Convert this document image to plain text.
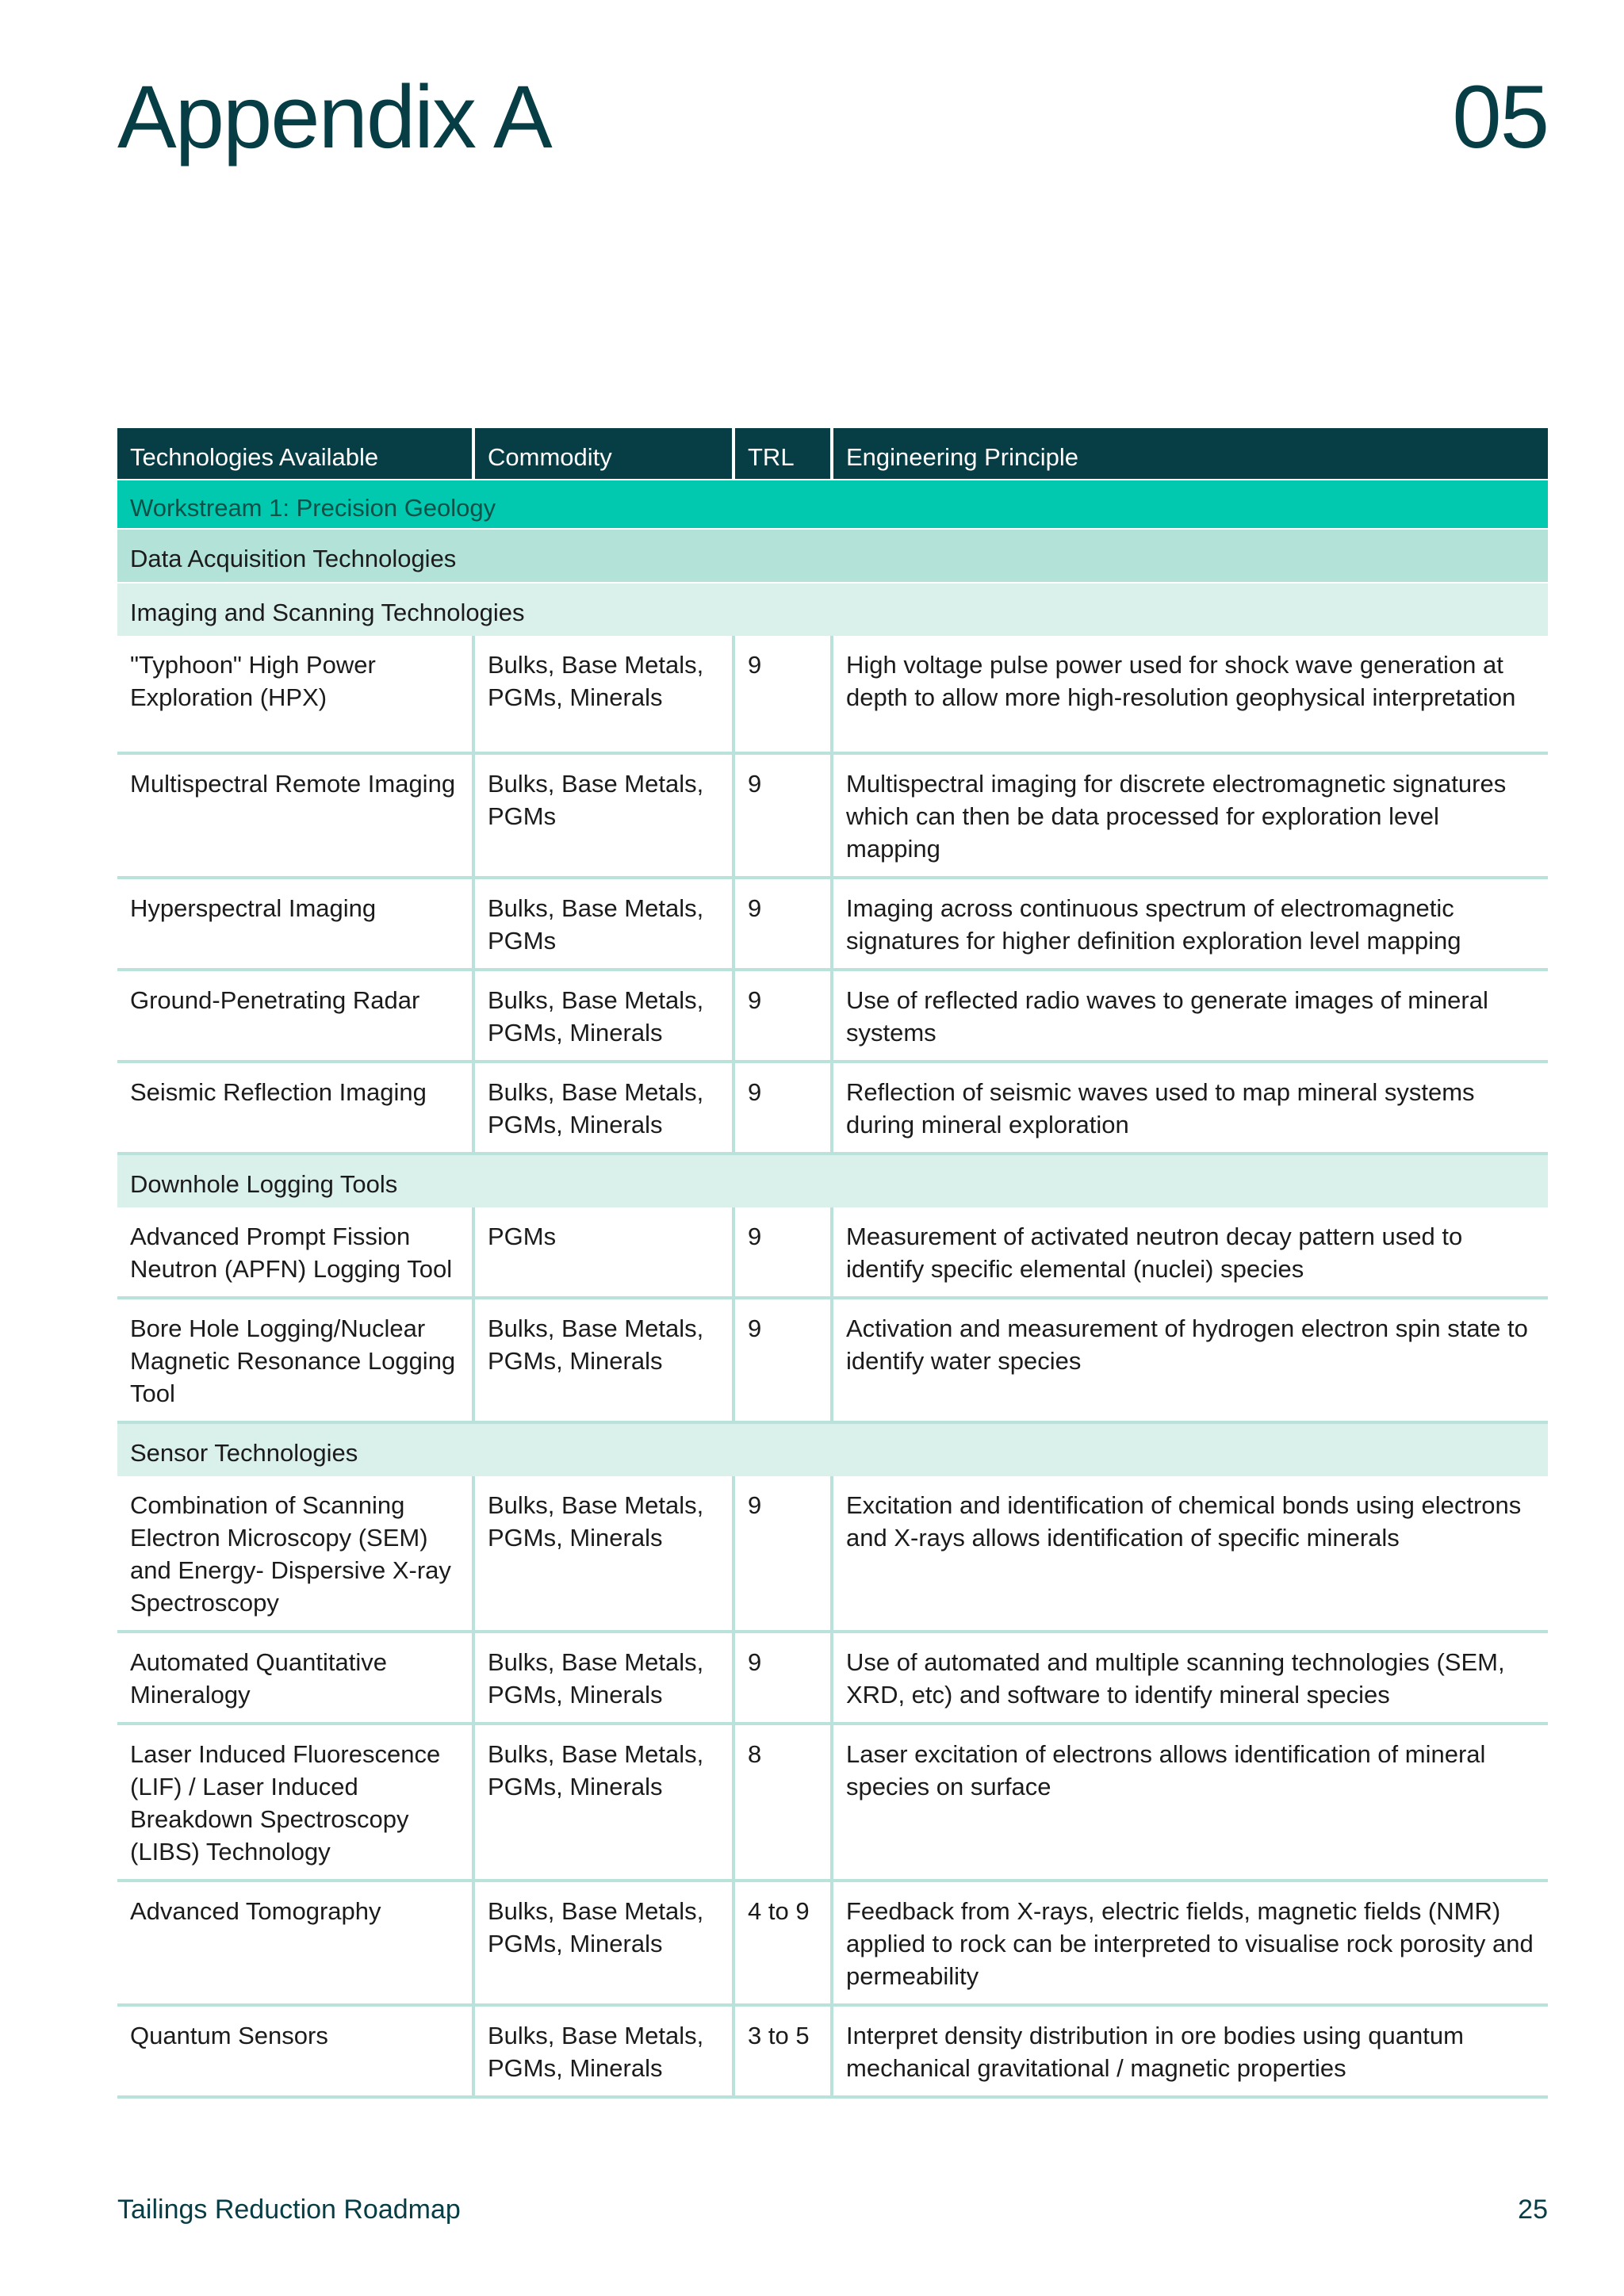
Appendix A	05
Technologies Available	Commodity	TRL	Engineering Principle
Workstream 1: Precision Geology			
Data Acquisition Technologies			
Imaging and Scanning Technologies			
"Typhoon" High Power Exploration (HPX)	Bulks, Base Metals, PGMs, Minerals	9	High voltage pulse power used for shock wave generation at depth to allow more high-resolution geophysical interpretation
Multispectral Remote Imaging	Bulks, Base Metals, PGMs	9	Multispectral imaging for discrete electromagnetic signatures which can then be data processed for exploration level mapping
Hyperspectral Imaging	Bulks, Base Metals, PGMs	9	Imaging across continuous spectrum of electromagnetic signatures for higher definition exploration level mapping
Ground-Penetrating Radar	Bulks, Base Metals, PGMs, Minerals	9	Use of reflected radio waves to generate images of mineral systems
Seismic Reflection Imaging	Bulks, Base Metals, PGMs, Minerals	9	Reflection of seismic waves used to map mineral systems during mineral exploration
Downhole Logging Tools			
Advanced Prompt Fission Neutron (APFN) Logging Tool	PGMs	9	Measurement of activated neutron decay pattern used to identify specific elemental (nuclei) species
Bore Hole Logging/Nuclear Magnetic Resonance Logging Tool	Bulks, Base Metals, PGMs, Minerals	9	Activation and measurement of hydrogen electron spin state to identify water species
Sensor Technologies			
Combination of Scanning Electron Microscopy (SEM) and Energy- Dispersive X-ray Spectroscopy	Bulks, Base Metals, PGMs, Minerals	9	Excitation and identification of chemical bonds using electrons and X-rays allows identification of specific minerals
Automated Quantitative Mineralogy	Bulks, Base Metals, PGMs, Minerals	9	Use of automated and multiple scanning technologies (SEM, XRD, etc) and software to identify mineral species
Laser Induced Fluorescence (LIF) / Laser Induced Breakdown Spectroscopy (LIBS) Technology	Bulks, Base Metals, PGMs, Minerals	8	Laser excitation of electrons allows identification of mineral species on surface
Advanced Tomography	Bulks, Base Metals, PGMs, Minerals	4 to 9	Feedback from X-rays, electric fields, magnetic fields (NMR) applied to rock can be interpreted to visualise rock porosity and permeability
Quantum Sensors	Bulks, Base Metals, PGMs, Minerals	3 to 5	Interpret density distribution in ore bodies using quantum mechanical gravitational / magnetic properties
Tailings Reduction Roadmap	25
